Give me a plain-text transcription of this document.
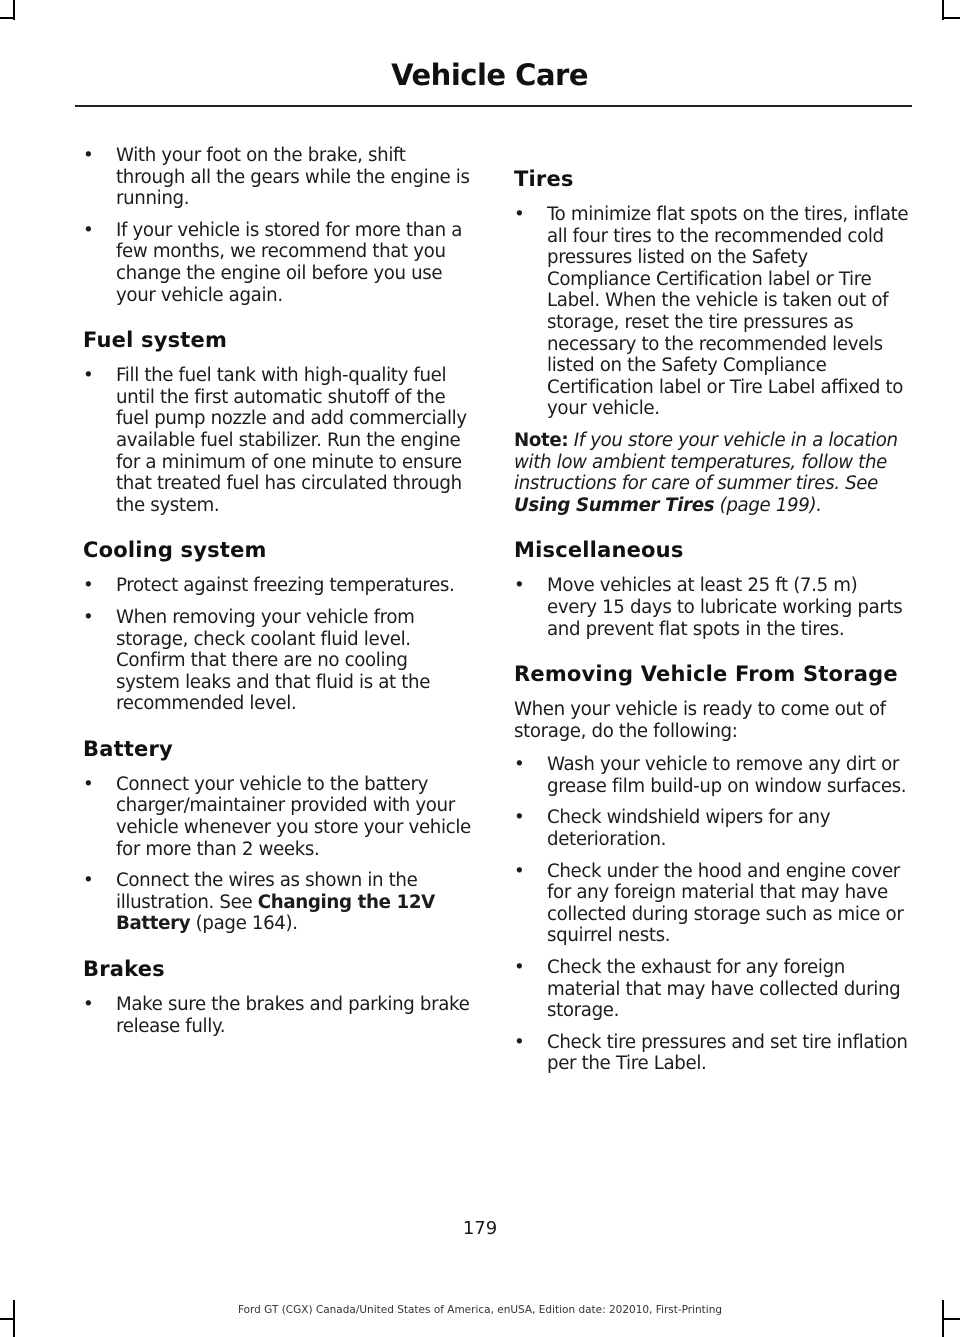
Vehicle Care
• With your foot on the brake, shift through all the gears while the engine is running.
• If your vehicle is stored for more than a few months, we recommend that you change the engine oil before you use your vehicle again.
Fuel system
• Fill the fuel tank with high-quality fuel until the first automatic shutoff of the fuel pump nozzle and add commercially available fuel stabilizer. Run the engine for a minimum of one minute to ensure that treated fuel has circulated through the system.
Cooling system
• Protect against freezing temperatures.
• When removing your vehicle from storage, check coolant fluid level. Confirm that there are no cooling system leaks and that fluid is at the recommended level.
Battery
• Connect your vehicle to the battery charger/maintainer provided with your vehicle whenever you store your vehicle for more than 2 weeks.
• Connect the wires as shown in the illustration. See Changing the 12V Battery (page 164).
Brakes
• Make sure the brakes and parking brake release fully.
Tires
• To minimize flat spots on the tires, inflate all four tires to the recommended cold pressures listed on the Safety Compliance Certification label or Tire Label. When the vehicle is taken out of storage, reset the tire pressures as necessary to the recommended levels listed on the Safety Compliance Certification label or Tire Label affixed to your vehicle.

Note: If you store your vehicle in a location with low ambient temperatures, follow the instructions for care of summer tires. See Using Summer Tires (page 199).

Miscellaneous
• Move vehicles at least 25 ft (7.5 m) every 15 days to lubricate working parts and prevent flat spots in the tires.
Removing Vehicle From Storage

When your vehicle is ready to come out of storage, do the following:

• Wash your vehicle to remove any dirt or grease film build-up on window surfaces.
• Check windshield wipers for any deterioration.
• Check under the hood and engine cover for any foreign material that may have collected during storage such as mice or squirrel nests.
• Check the exhaust for any foreign material that may have collected during storage.
• Check tire pressures and set tire inflation per the Tire Label.
179
Ford GT (CGX) Canada/United States of America, enUSA, Edition date: 202010, First-Printing
